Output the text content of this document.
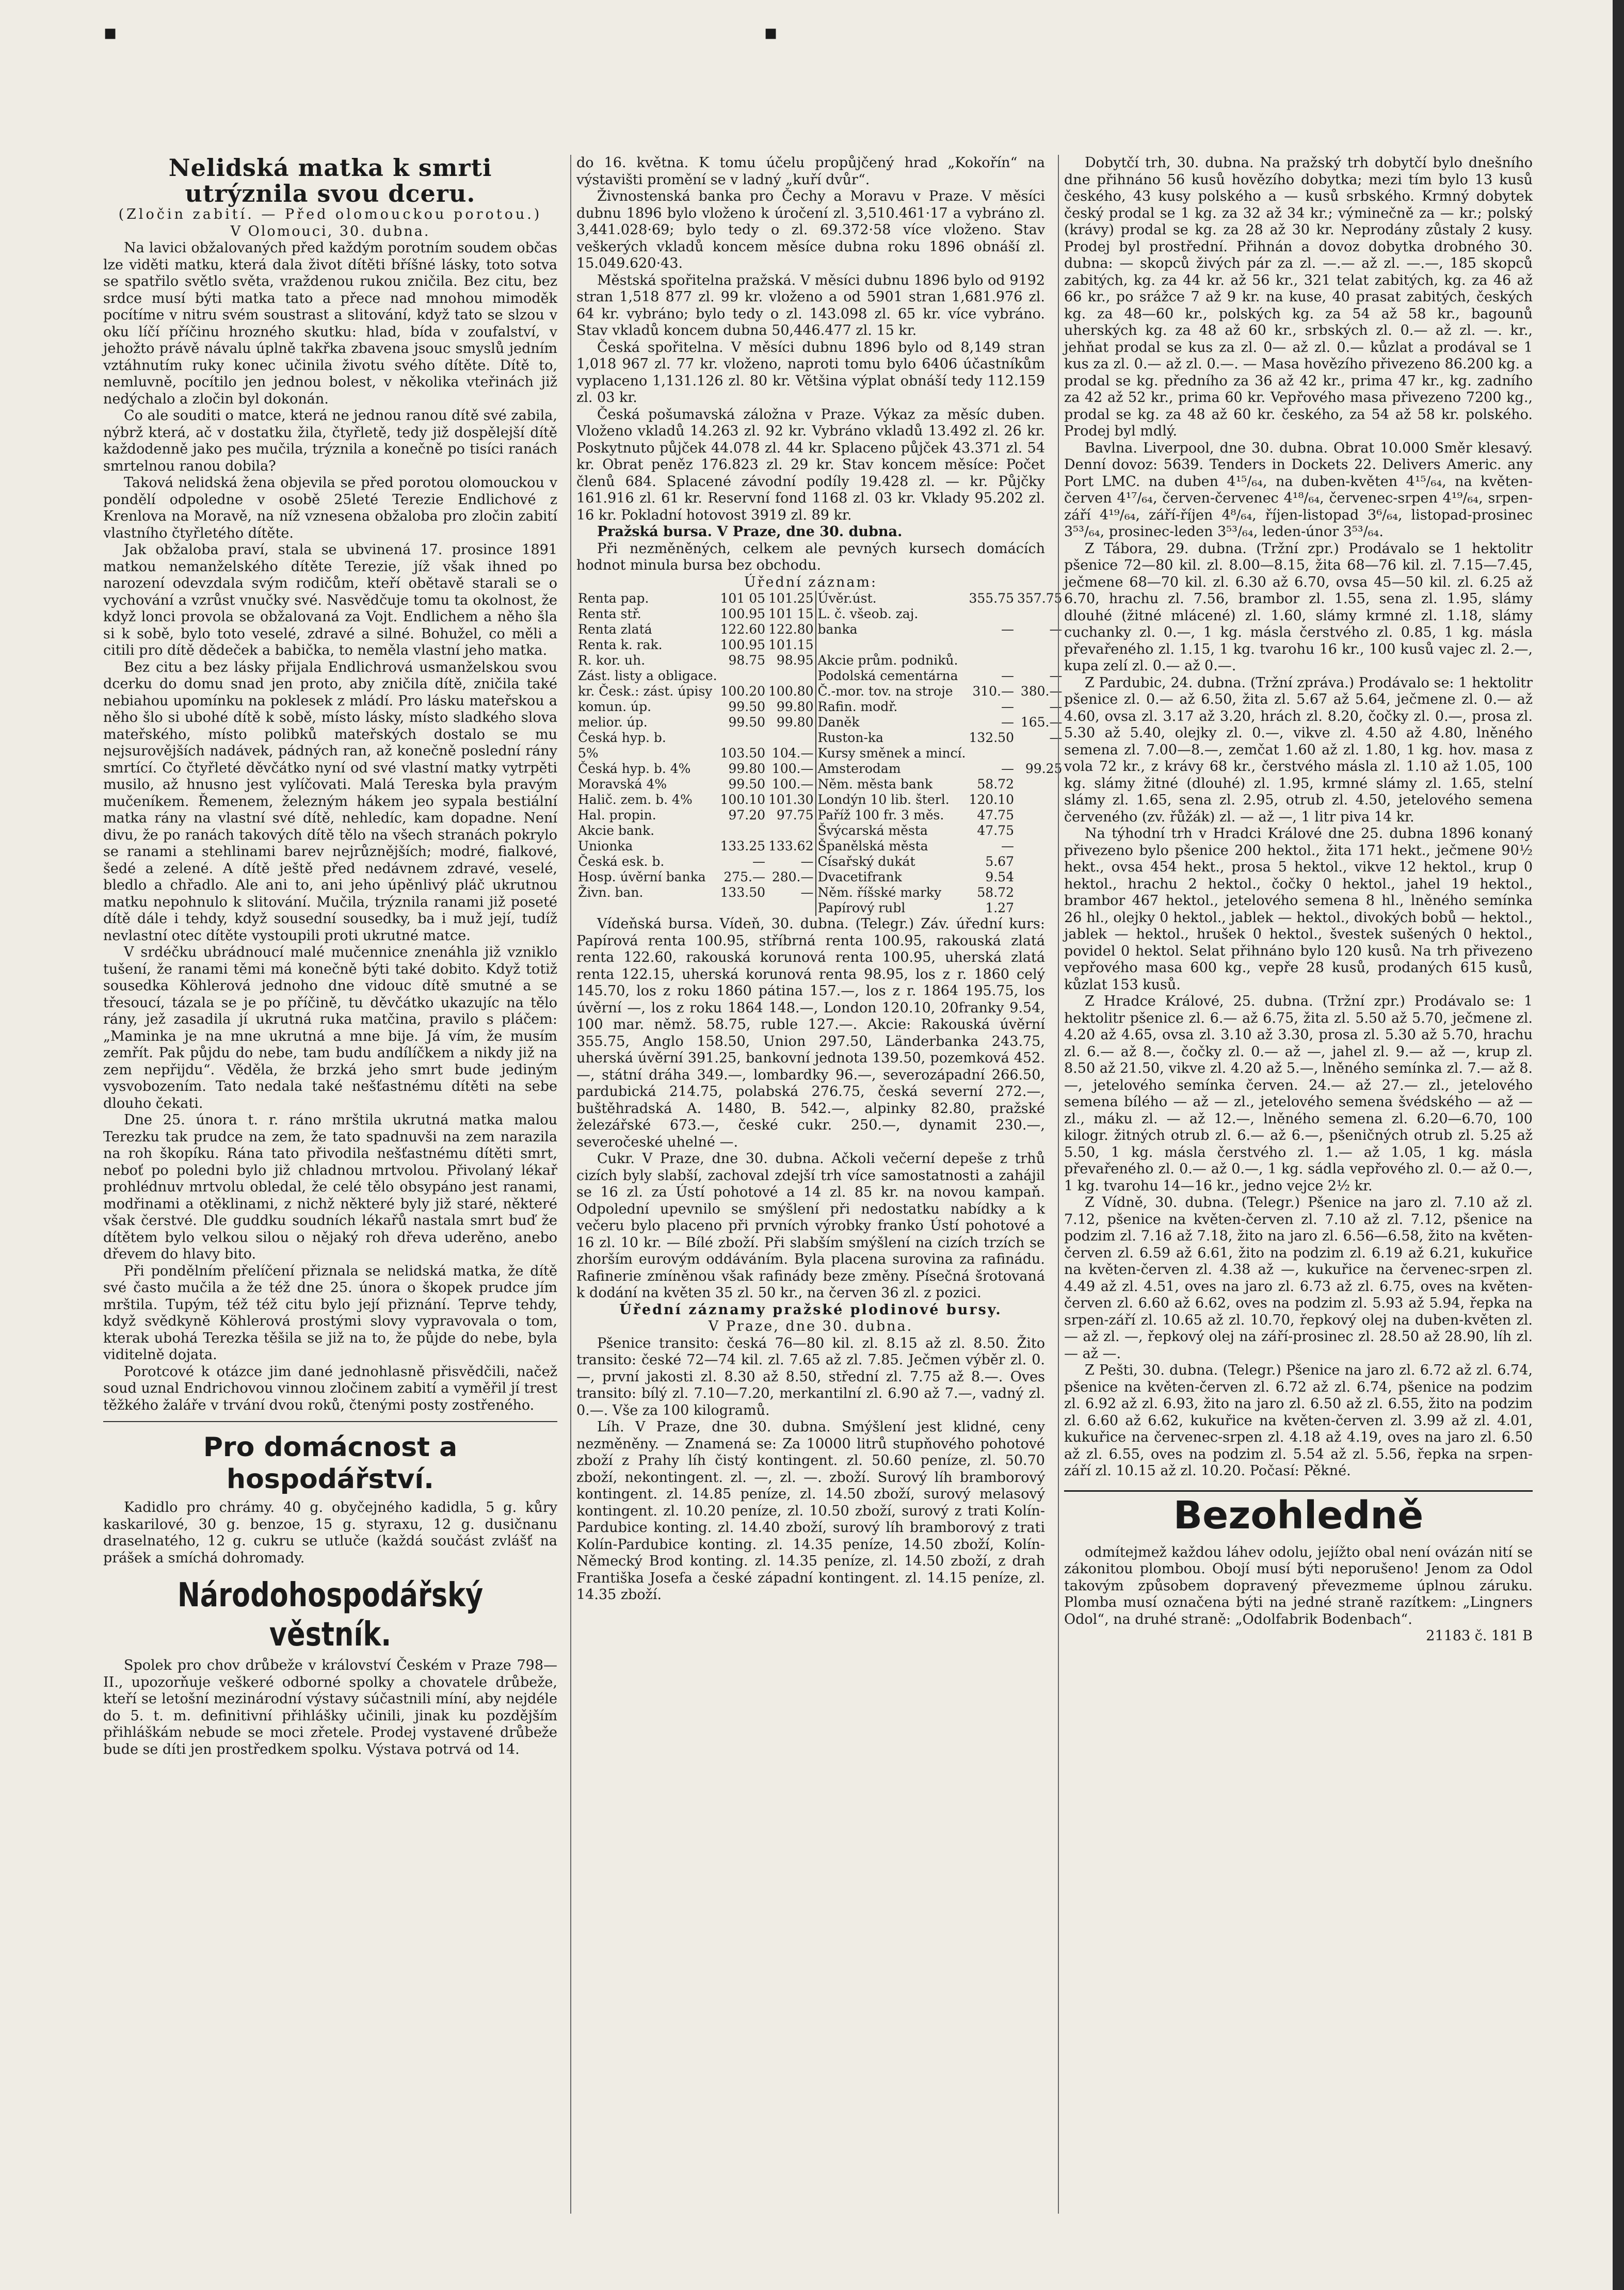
▪	▪
Nelidská matka k smrti utrýznila svou dceru.
(Zločin zabití. — Před olomouckou porotou.)
V Olomouci, 30. dubna.

Na lavici obžalovaných před každým porotním soudem občas lze viděti matku, která dala život dítěti bříšné lásky, toto sotva se spatřilo světlo světa, vraždenou rukou zničila. Bez citu, bez srdce musí býti matka tato a přece nad mnohou mimoděk pocítíme v nitru svém soustrast a slitování, když tato se slzou v oku líčí příčinu hrozného skutku: hlad, bída v zoufalství, v jehožto právě návalu úplně takřka zbavena jsouc smyslů jedním vztáhnutím ruky konec učinila životu svého dítěte. Dítě to, nemluvně, pocítilo jen jednou bolest, v několika vteřinách již nedýchalo a zločin byl dokonán.

Co ale souditi o matce, která ne jednou ranou dítě své zabila, nýbrž která, ač v dostatku žila, čtyřletě, tedy již dospělejší dítě každodenně jako pes mučila, trýznila a konečně po tisíci ranách smrtelnou ranou dobila?

Taková nelidská žena objevila se před porotou olomouckou v pondělí odpoledne v osobě 25leté Terezie Endlichové z Krenlova na Moravě, na níž vznesena obžaloba pro zločin zabití vlastního čtyřletého dítěte.

Jak obžaloba praví, stala se ubvinená 17. prosince 1891 matkou nemanželského dítěte Terezie, jíž však ihned po narození odevzdala svým rodičům, kteří obětavě starali se o vychování a vzrůst vnučky své. Nasvědčuje tomu ta okolnost, že když lonci provola se obžalovaná za Vojt. Endlichem a něho šla si k sobě, bylo toto veselé, zdravé a silné. Bohužel, co měli a citili pro dítě dědeček a babička, to neměla vlastní jeho matka.

Bez citu a bez lásky přijala Endlichrová usmanželskou svou dcerku do domu snad jen proto, aby zničila dítě, zničila také nebiahou upomínku na poklesek z mládí. Pro lásku mateřskou a něho šlo si ubohé dítě k sobě, místo lásky, místo sladkého slova mateřského, místo polibků mateřských dostalo se mu nejsurovějších nadávek, pádných ran, až konečně poslední rány smrtící. Co čtyřleté děvčátko nyní od své vlastní matky vytrpěti musilo, až hnusno jest vylíčovati. Malá Tereska byla pravým mučeníkem. Řemenem, železným hákem jeo sypala bestiální matka rány na vlastní své dítě, nehledíc, kam dopadne. Není divu, že po ranách takových dítě tělo na všech stranách pokrylo se ranami a stehlinami barev nejrůznějších; modré, fialkové, šedé a zelené. A dítě ještě před nedávnem zdravé, veselé, bledlo a chřadlo. Ale ani to, ani jeho úpěnlivý pláč ukrutnou matku nepohnulo k slitování. Mučila, trýznila ranami již poseté dítě dále i tehdy, když sousední sousedky, ba i muž její, tudíž nevlastní otec dítěte vystoupili proti ukrutné matce.

V srdéčku ubrádnoucí malé mučennice znenáhla již vzniklo tušení, že ranami těmi má konečně býti také dobito. Když totiž sousedka Köhlerová jednoho dne vidouc dítě smutné a se třesoucí, tázala se je po příčině, tu děvčátko ukazujíc na tělo rány, jež zasadila jí ukrutná ruka matčina, pravilo s pláčem: „Maminka je na mne ukrutná a mne bije. Já vím, že musím zemřít. Pak půjdu do nebe, tam budu andílíčkem a nikdy již na zem nepřijdu“. Věděla, že brzká jeho smrt bude jediným vysvobozením. Tato nedala také nešťastnému dítěti na sebe dlouho čekati.

Dne 25. února t. r. ráno mrštila ukrutná matka malou Terezku tak prudce na zem, že tato spadnuvši na zem narazila na roh škopíku. Rána tato přivodila nešťastnému dítěti smrt, neboť po poledni bylo již chladnou mrtvolou. Přivolaný lékař prohlédnuv mrtvolu obledal, že celé tělo obsypáno jest ranami, modřinami a otěklinami, z nichž některé byly již staré, některé však čerstvé. Dle guddku soudních lékařů nastala smrt buď že dítětem bylo velkou silou o nějaký roh dřeva uderěno, anebo dřevem do hlavy bito.

Při pondělním přelíčení přiznala se nelidská matka, že dítě své často mučila a že též dne 25. února o škopek prudce jím mrštila. Tupým, též též citu bylo její přiznání. Teprve tehdy, když svědkyně Köhlerová prostými slovy vypravovala o tom, kterak ubohá Terezka těšila se již na to, že půjde do nebe, byla viditelně dojata.

Porotcové k otázce jim dané jednohlasně přisvědčili, načež soud uznal Endrichovou vinnou zločinem zabití a vyměřil jí trest těžkého žaláře v trvání dvou roků, čtenými posty zostřeného.

Pro domácnost a hospodářství.

Kadidlo pro chrámy. 40 g. obyčejného kadidla, 5 g. kůry kaskarilové, 30 g. benzoe, 15 g. styraxu, 12 g. dusičnanu draselnatého, 12 g. cukru se utluče (každá součást zvlášť na prášek a smíchá dohromady.

Národohospodářský věstník.

Spolek pro chov drůbeže v království Českém v Praze 798—II., upozorňuje veškeré odborné spolky a chovatele drůbeže, kteří se letošní mezinárodní výstavy súčastnili míní, aby nejdéle do 5. t. m. definitivní přihlášky učinili, jinak ku pozdějším přihláškám nebude se moci zřetele. Prodej vystavené drůbeže bude se díti jen prostředkem spolku. Výstava potrvá od 14.

do 16. května. K tomu účelu propůjčený hrad „Kokořín“ na výstavišti promění se v ladný „kuří dvůr“.

Živnostenská banka pro Čechy a Moravu v Praze. V měsíci dubnu 1896 bylo vloženo k úročení zl. 3,510.461·17 a vybráno zl. 3,441.028·69; bylo tedy o zl. 69.372·58 více vloženo. Stav veškerých vkladů koncem měsíce dubna roku 1896 obnáší zl. 15.049.620·43.

Městská spořitelna pražská. V měsíci dubnu 1896 bylo od 9192 stran 1,518 877 zl. 99 kr. vloženo a od 5901 stran 1,681.976 zl. 64 kr. vybráno; bylo tedy o zl. 143.098 zl. 65 kr. více vybráno. Stav vkladů koncem dubna 50,446.477 zl. 15 kr.

Česká spořitelna. V měsíci dubnu 1896 bylo od 8,149 stran 1,018 967 zl. 77 kr. vloženo, naproti tomu bylo 6406 účastníkům vyplaceno 1,131.126 zl. 80 kr. Většina výplat obnáší tedy 112.159 zl. 03 kr.

Česká pošumavská záložna v Praze. Výkaz za měsíc duben. Vloženo vkladů 14.263 zl. 92 kr. Vybráno vkladů 13.492 zl. 26 kr. Poskytnuto půjček 44.078 zl. 44 kr. Splaceno půjček 43.371 zl. 54 kr. Obrat peněz 176.823 zl. 29 kr. Stav koncem měsíce: Počet členů 684. Splacené závodní podíly 19.428 zl. — kr. Půjčky 161.916 zl. 61 kr. Reservní fond 1168 zl. 03 kr. Vklady 95.202 zl. 16 kr. Pokladní hotovost 3919 zl. 89 kr.

Pražská bursa. V Praze, dne 30. dubna.

Při nezměněných, celkem ale pevných kursech domácích hodnot minula bursa bez obchodu.

Úřední záznam:
Renta pap.	101 05	101.25	Úvěr.úst.	355.75	357.75
Renta stř.	100.95	101 15	L. č. všeob. zaj.		
Renta zlatá	122.60	122.80	banka	—	—
Renta k. rak.	100.95	101.15			
R. kor. uh.	98.75	98.95	Akcie prům. podniků.		
Zást. listy a obligace.			Podolská cementárna	—	—
kr. Česk.: zást. úpisy	100.20	100.80	Č.-mor. tov. na stroje	310.—	380.—
komun. úp.	99.50	99.80	Rafin. modř.	—	—
melior. úp.	99.50	99.80	Daněk	—	165.—
Česká hyp. b.			Ruston-ka	132.50	—
5%	103.50	104.—	Kursy směnek a mincí.		
Česká hyp. b. 4%	99.80	100.—	Amsterodam	—	99.25
Moravská 4%	99.50	100.—	Něm. města bank	58.72	
Halič. zem. b. 4%	100.10	101.30	Londýn 10 lib. šterl.	120.10	
Hal. propin.	97.20	97.75	Paříž 100 fr. 3 měs.	47.75	
Akcie bank.			Švýcarská města	47.75	
Unionka	133.25	133.62	Španělská města	—	
Česká esk. b.	—	—	Císařský dukát	5.67	
Hosp. úvěrní banka	275.—	280.—	Dvacetifrank	9.54	
Živn. ban.	133.50	—	Něm. říšské marky	58.72	
			Papírový rubl	1.27	

Vídeňská bursa. Vídeň, 30. dubna. (Telegr.) Záv. úřední kurs: Papírová renta 100.95, stříbrná renta 100.95, rakouská zlatá renta 122.60, rakouská korunová renta 100.95, uherská zlatá renta 122.15, uherská korunová renta 98.95, los z r. 1860 celý 145.70, los z roku 1860 pátina 157.—, los z r. 1864 195.75, los úvěrní —, los z roku 1864 148.—, London 120.10, 20franky 9.54, 100 mar. němž. 58.75, ruble 127.—. Akcie: Rakouská úvěrní 355.75, Anglo 158.50, Union 297.50, Länderbanka 243.75, uherská úvěrní 391.25, bankovní jednota 139.50, pozemková 452.—, státní dráha 349.—, lombardky 96.—, severozápadní 266.50, pardubická 214.75, polabská 276.75, česká severní 272.—, buštěhradská A. 1480, B. 542.—, alpinky 82.80, pražské železářské 673.—, české cukr. 250.—, dynamit 230.—, severočeské uhelné —.

Cukr. V Praze, dne 30. dubna. Ačkoli večerní depeše z trhů cizích byly slabší, zachoval zdejší trh více samostatnosti a zahájil se 16 zl. za Ústí pohotové a 14 zl. 85 kr. na novou kampaň. Odpolední upevnilo se smýšlení při nedostatku nabídky a k večeru bylo placeno při prvních výrobky franko Ústí pohotové a 16 zl. 10 kr. — Bílé zboží. Při slabším smýšlení na cizích trzích se zhorším eurovým oddáváním. Byla placena surovina za rafinádu. Rafinerie zmíněnou však rafinády beze změny. Písečná šrotovaná k dodání na květen 35 zl. 50 kr., na červen 36 zl. z pozici.

Úřední záznamy pražské plodinové bursy.
V Praze, dne 30. dubna.

Pšenice transito: česká 76—80 kil. zl. 8.15 až zl. 8.50. Žito transito: české 72—74 kil. zl. 7.65 až zl. 7.85. Ječmen výběr zl. 0.—, první jakosti zl. 8.30 až 8.50, střední zl. 7.75 až 8.—. Oves transito: bílý zl. 7.10—7.20, merkantilní zl. 6.90 až 7.—, vadný zl. 0.—. Vše za 100 kilogramů.

Líh. V Praze, dne 30. dubna. Smýšlení jest klidné, ceny nezměněny. — Znamená se: Za 10000 litrů stupňového pohotové zboží z Prahy líh čistý kontingent. zl. 50.60 peníze, zl. 50.70 zboží, nekontingent. zl. —, zl. —. zboží. Surový líh bramborový kontingent. zl. 14.85 peníze, zl. 14.50 zboží, surový melasový kontingent. zl. 10.20 peníze, zl. 10.50 zboží, surový z trati Kolín-Pardubice konting. zl. 14.40 zboží, surový líh bramborový z trati Kolín-Pardubice konting. zl. 14.35 peníze, 14.50 zboží, Kolín-Německý Brod konting. zl. 14.35 peníze, zl. 14.50 zboží, z drah Františka Josefa a české západní kontingent. zl. 14.15 peníze, zl. 14.35 zboží.

Dobytčí trh, 30. dubna. Na pražský trh dobytčí bylo dnešního dne přihnáno 56 kusů hovězího dobytka; mezi tím bylo 13 kusů českého, 43 kusy polského a — kusů srbského. Krmný dobytek český prodal se 1 kg. za 32 až 34 kr.; výminečně za — kr.; polský (krávy) prodal se kg. za 28 až 30 kr. Neprodány zůstaly 2 kusy. Prodej byl prostřední. Přihnán a dovoz dobytka drobného 30. dubna: — skopců živých pár za zl. —.— až zl. —.—, 185 skopců zabitých, kg. za 44 kr. až 56 kr., 321 telat zabitých, kg. za 46 až 66 kr., po srážce 7 až 9 kr. na kuse, 40 prasat zabitých, českých kg. za 48—60 kr., polských kg. za 54 až 58 kr., bagounů uherských kg. za 48 až 60 kr., srbských zl. 0.— až zl. —. kr., jehňat prodal se kus za zl. 0— až zl. 0.— kůzlat a prodával se 1 kus za zl. 0.— až zl. 0.—. — Masa hovězího přivezeno 86.200 kg. a prodal se kg. předního za 36 až 42 kr., prima 47 kr., kg. zadního za 42 až 52 kr., prima 60 kr. Vepřového masa přivezeno 7200 kg., prodal se kg. za 48 až 60 kr. českého, za 54 až 58 kr. polského. Prodej byl mdlý.

Bavlna. Liverpool, dne 30. dubna. Obrat 10.000 Směr klesavý. Denní dovoz: 5639. Tenders in Dockets 22. Delivers Americ. any Port LMC. na duben 4¹⁵/₆₄, na duben-květen 4¹⁵/₆₄, na květen-červen 4¹⁷/₆₄, červen-červenec 4¹⁸/₆₄, červenec-srpen 4¹⁹/₆₄, srpen-září 4¹⁹/₆₄, září-říjen 4⁸/₆₄, říjen-listopad 3⁶/₆₄, listopad-prosinec 3⁵³/₆₄, prosinec-leden 3⁵³/₆₄, leden-únor 3⁵³/₆₄.

Z Tábora, 29. dubna. (Tržní zpr.) Prodávalo se 1 hektolitr pšenice 72—80 kil. zl. 8.00—8.15, žita 68—76 kil. zl. 7.15—7.45, ječmene 68—70 kil. zl. 6.30 až 6.70, ovsa 45—50 kil. zl. 6.25 až 6.70, hrachu zl. 7.56, brambor zl. 1.55, sena zl. 1.95, slámy dlouhé (žitné mlácené) zl. 1.60, slámy krmné zl. 1.18, slámy cuchanky zl. 0.—, 1 kg. másla čerstvého zl. 0.85, 1 kg. másla převařeného zl. 1.15, 1 kg. tvarohu 16 kr., 100 kusů vajec zl. 2.—, kupa zelí zl. 0.— až 0.—.

Z Pardubic, 24. dubna. (Tržní zpráva.) Prodávalo se: 1 hektolitr pšenice zl. 0.— až 6.50, žita zl. 5.67 až 5.64, ječmene zl. 0.— až 4.60, ovsa zl. 3.17 až 3.20, hrách zl. 8.20, čočky zl. 0.—, prosa zl. 5.30 až 5.40, olejky zl. 0.—, vikve zl. 4.50 až 4.80, lněného semena zl. 7.00—8.—, zemčat 1.60 až zl. 1.80, 1 kg. hov. masa z vola 72 kr., z krávy 68 kr., čerstvého másla zl. 1.10 až 1.05, 100 kg. slámy žitné (dlouhé) zl. 1.95, krmné slámy zl. 1.65, stelní slámy zl. 1.65, sena zl. 2.95, otrub zl. 4.50, jetelového semena červeného (zv. řůžák) zl. — až —, 1 litr piva 14 kr.

Na týhodní trh v Hradci Králové dne 25. dubna 1896 konaný přivezeno bylo pšenice 200 hektol., žita 171 hekt., ječmene 90½ hekt., ovsa 454 hekt., prosa 5 hektol., vikve 12 hektol., krup 0 hektol., hrachu 2 hektol., čočky 0 hektol., jahel 19 hektol., brambor 467 hektol., jetelového semena 8 hl., lněného semínka 26 hl., olejky 0 hektol., jablek — hektol., divokých bobů — hektol., jablek — hektol., hrušek 0 hektol., švestek sušených 0 hektol., povidel 0 hektol. Selat přihnáno bylo 120 kusů. Na trh přivezeno vepřového masa 600 kg., vepře 28 kusů, prodaných 615 kusů, kůzlat 153 kusů.

Z Hradce Králové, 25. dubna. (Tržní zpr.) Prodávalo se: 1 hektolitr pšenice zl. 6.— až 6.75, žita zl. 5.50 až 5.70, ječmene zl. 4.20 až 4.65, ovsa zl. 3.10 až 3.30, prosa zl. 5.30 až 5.70, hrachu zl. 6.— až 8.—, čočky zl. 0.— až —, jahel zl. 9.— až —, krup zl. 8.50 až 21.50, vikve zl. 4.20 až 5.—, lněného semínka zl. 7.— až 8.—, jetelového semínka červen. 24.— až 27.— zl., jetelového semena bílého — až — zl., jetelového semena švédského — až — zl., máku zl. — až 12.—, lněného semena zl. 6.20—6.70, 100 kilogr. žitných otrub zl. 6.— až 6.—, pšeničných otrub zl. 5.25 až 5.50, 1 kg. másla čerstvého zl. 1.— až 1.05, 1 kg. másla převařeného zl. 0.— až 0.—, 1 kg. sádla vepřového zl. 0.— až 0.—, 1 kg. tvarohu 14—16 kr., jedno vejce 2½ kr.

Z Vídně, 30. dubna. (Telegr.) Pšenice na jaro zl. 7.10 až zl. 7.12, pšenice na květen-červen zl. 7.10 až zl. 7.12, pšenice na podzim zl. 7.16 až 7.18, žito na jaro zl. 6.56—6.58, žito na květen-červen zl. 6.59 až 6.61, žito na podzim zl. 6.19 až 6.21, kukuřice na květen-červen zl. 4.38 až —, kukuřice na červenec-srpen zl. 4.49 až zl. 4.51, oves na jaro zl. 6.73 až zl. 6.75, oves na květen-červen zl. 6.60 až 6.62, oves na podzim zl. 5.93 až 5.94, řepka na srpen-září zl. 10.65 až zl. 10.70, řepkový olej na duben-květen zl. — až zl. —, řepkový olej na září-prosinec zl. 28.50 až 28.90, líh zl. — až —.

Z Pešti, 30. dubna. (Telegr.) Pšenice na jaro zl. 6.72 až zl. 6.74, pšenice na květen-červen zl. 6.72 až zl. 6.74, pšenice na podzim zl. 6.92 až zl. 6.93, žito na jaro zl. 6.50 až zl. 6.55, žito na podzim zl. 6.60 až 6.62, kukuřice na květen-červen zl. 3.99 až zl. 4.01, kukuřice na červenec-srpen zl. 4.18 až 4.19, oves na jaro zl. 6.50 až zl. 6.55, oves na podzim zl. 5.54 až zl. 5.56, řepka na srpen-září zl. 10.15 až zl. 10.20. Počasí: Pěkné.

Bezohledně

odmítejmež každou láhev odolu, jejížto obal není ovázán nití se zákonitou plombou. Obojí musí býti neporušeno! Jenom za Odol takovým způsobem dopravený převezmeme úplnou záruku. Plomba musí označena býti na jedné straně razítkem: „Lingners Odol“, na druhé straně: „Odolfabrik Bodenbach“.

21183 č. 181 B
